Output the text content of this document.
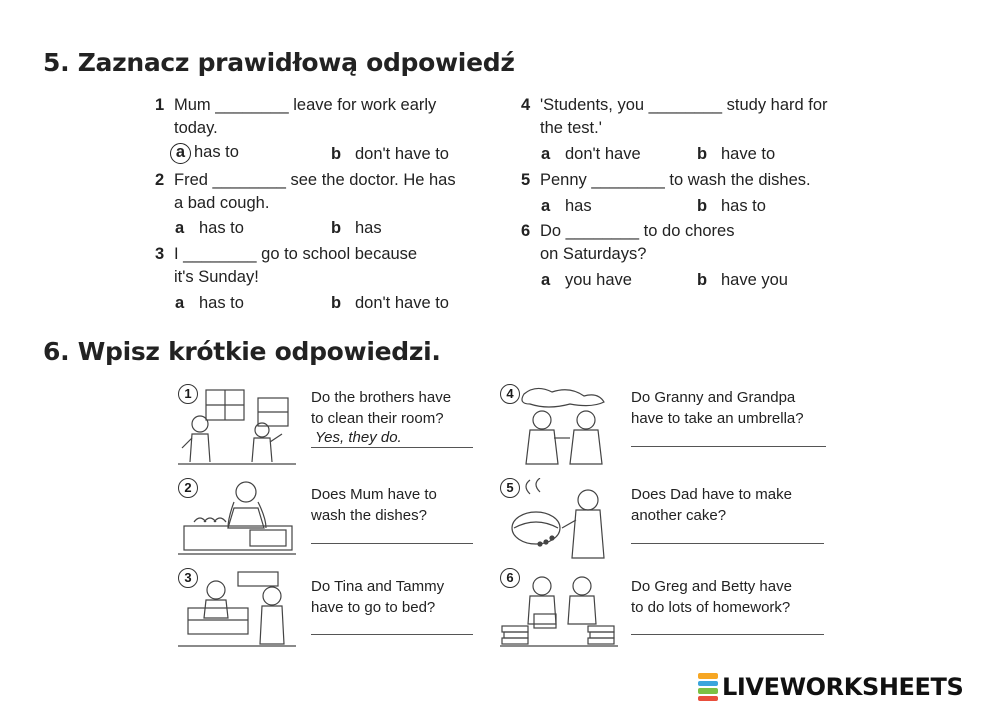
5. Zaznacz prawidłową odpowiedź
1 Mum ________ leave for work early
today.
a has to	b don't have to
2 Fred ________ see the doctor. He has
a bad cough.
a has to	b has
3 I ________ go to school because
it's Sunday!
a has to	b don't have to
4 'Students, you ________ study hard for
the test.'
a don't have	b have to
5 Penny ________ to wash the dishes.
a has	b has to
6 Do ________ to do chores
on Saturdays?
a you have	b have you
6. Wpisz krótkie odpowiedzi.
1	Do the brothers have
to clean their room?
Yes, they do.
2	Does Mum have to
wash the dishes?
3
Do Tina and Tammy
have to go to bed?
4	Do Granny and Grandpa
have to take an umbrella?
5	Does Dad have to make
another cake?
6
Do Greg and Betty have
to do lots of homework?
LIVEWORKSHEETS
